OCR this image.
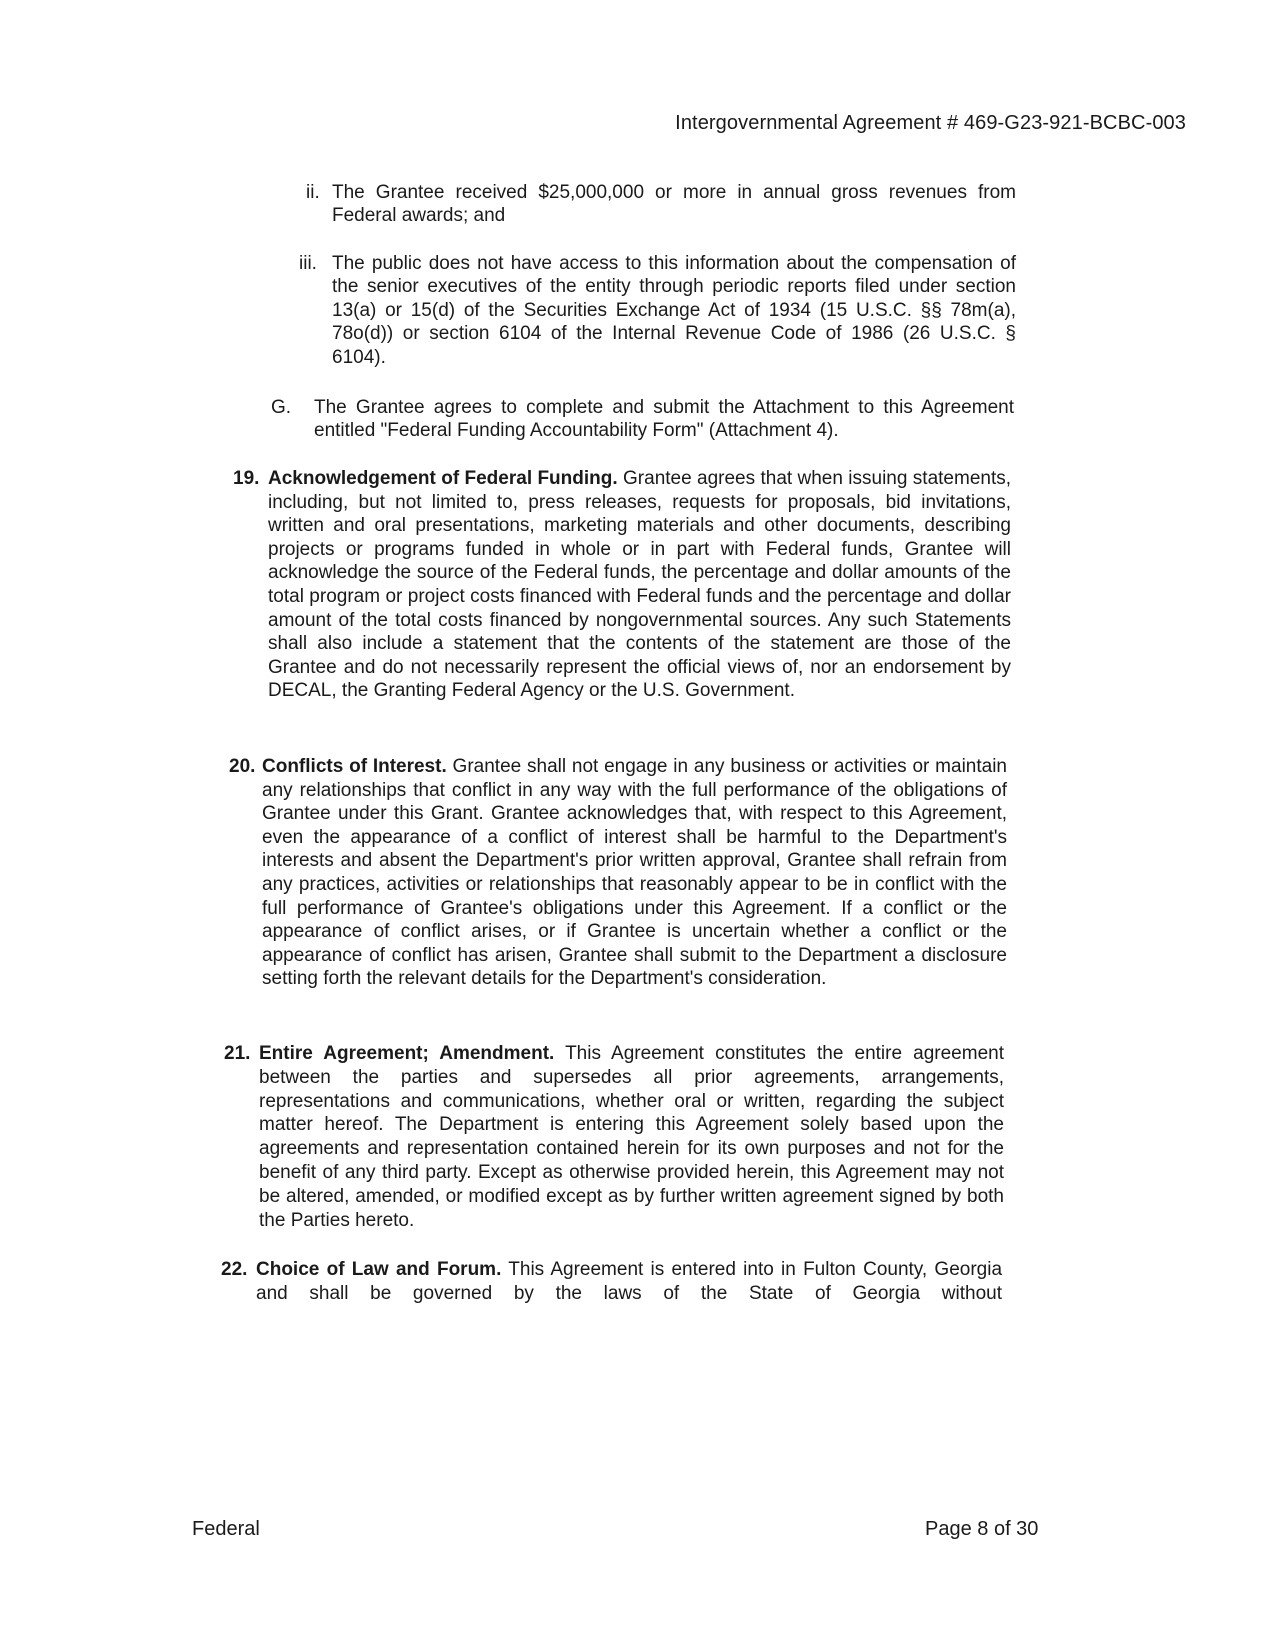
Intergovernmental Agreement # 469-G23-921-BCBC-003
ii. The Grantee received $25,000,000 or more in annual gross revenues from Federal awards; and
iii. The public does not have access to this information about the compensation of the senior executives of the entity through periodic reports filed under section 13(a) or 15(d) of the Securities Exchange Act of 1934 (15 U.S.C. §§ 78m(a), 78o(d)) or section 6104 of the Internal Revenue Code of 1986 (26 U.S.C. § 6104).
G. The Grantee agrees to complete and submit the Attachment to this Agreement entitled "Federal Funding Accountability Form" (Attachment 4).
19. Acknowledgement of Federal Funding. Grantee agrees that when issuing statements, including, but not limited to, press releases, requests for proposals, bid invitations, written and oral presentations, marketing materials and other documents, describing projects or programs funded in whole or in part with Federal funds, Grantee will acknowledge the source of the Federal funds, the percentage and dollar amounts of the total program or project costs financed with Federal funds and the percentage and dollar amount of the total costs financed by nongovernmental sources. Any such Statements shall also include a statement that the contents of the statement are those of the Grantee and do not necessarily represent the official views of, nor an endorsement by DECAL, the Granting Federal Agency or the U.S. Government.
20. Conflicts of Interest. Grantee shall not engage in any business or activities or maintain any relationships that conflict in any way with the full performance of the obligations of Grantee under this Grant. Grantee acknowledges that, with respect to this Agreement, even the appearance of a conflict of interest shall be harmful to the Department's interests and absent the Department's prior written approval, Grantee shall refrain from any practices, activities or relationships that reasonably appear to be in conflict with the full performance of Grantee's obligations under this Agreement. If a conflict or the appearance of conflict arises, or if Grantee is uncertain whether a conflict or the appearance of conflict has arisen, Grantee shall submit to the Department a disclosure setting forth the relevant details for the Department's consideration.
21. Entire Agreement; Amendment. This Agreement constitutes the entire agreement between the parties and supersedes all prior agreements, arrangements, representations and communications, whether oral or written, regarding the subject matter hereof. The Department is entering this Agreement solely based upon the agreements and representation contained herein for its own purposes and not for the benefit of any third party. Except as otherwise provided herein, this Agreement may not be altered, amended, or modified except as by further written agreement signed by both the Parties hereto.
22. Choice of Law and Forum. This Agreement is entered into in Fulton County, Georgia and shall be governed by the laws of the State of Georgia without
Federal	Page 8 of 30
